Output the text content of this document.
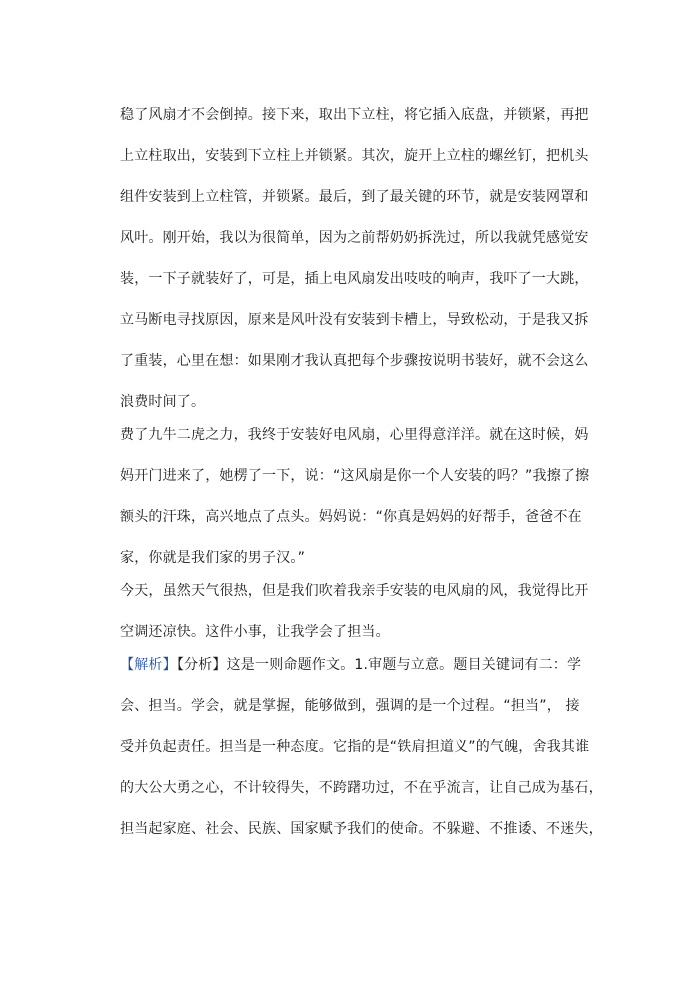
稳了风扇才不会倒掉。接下来，取出下立柱，将它插入底盘，并锁紧，再把
上立柱取出，安装到下立柱上并锁紧。其次，旋开上立柱的螺丝钉，把机头
组件安装到上立柱管，并锁紧。最后，到了最关键的环节，就是安装网罩和
风叶。刚开始，我以为很简单，因为之前帮奶奶拆洗过，所以我就凭感觉安
装，一下子就装好了，可是，插上电风扇发出吱吱的响声，我吓了一大跳，
立马断电寻找原因，原来是风叶没有安装到卡槽上，导致松动，于是我又拆
了重装，心里在想：如果刚才我认真把每个步骤按说明书装好，就不会这么
浪费时间了。
费了九牛二虎之力，我终于安装好电风扇，心里得意洋洋。就在这时候，妈
妈开门进来了，她楞了一下，说：“这风扇是你一个人安装的吗？”我擦了擦
额头的汗珠，高兴地点了点头。妈妈说：“你真是妈妈的好帮手，爸爸不在
家，你就是我们家的男子汉。”
今天，虽然天气很热，但是我们吹着我亲手安装的电风扇的风，我觉得比开
空调还凉快。这件小事，让我学会了担当。
【解析】【分析】这是一则命题作文。1.审题与立意。题目关键词有二：学
会、担当。学会，就是掌握，能够做到，强调的是一个过程。“担当”， 接
受并负起责任。担当是一种态度。它指的是“铁肩担道义”的气魄，舍我其谁
的大公大勇之心，不计较得失，不跨躇功过，不在乎流言，让自己成为基石，
担当起家庭、社会、民族、国家赋予我们的使命。不躲避、不推诿、不迷失，
